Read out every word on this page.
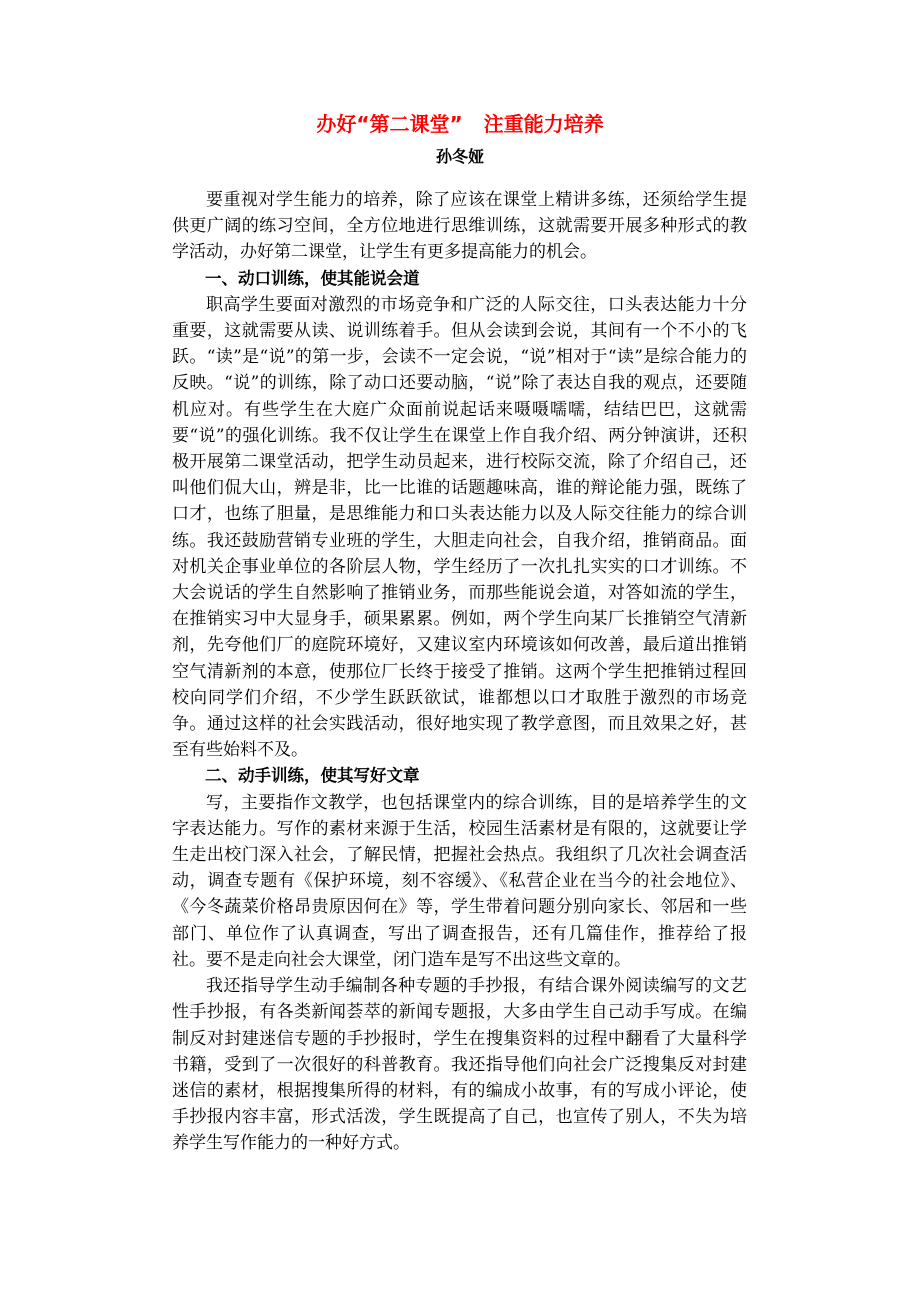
办好“第二课堂”   注重能力培养
孙冬娅

要重视对学生能力的培养，除了应该在课堂上精讲多练，还须给学生提供更广阔的练习空间，全方位地进行思维训练，这就需要开展多种形式的教学活动，办好第二课堂，让学生有更多提高能力的机会。

一、动口训练，使其能说会道

职高学生要面对激烈的市场竞争和广泛的人际交往，口头表达能力十分重要，这就需要从读、说训练着手。但从会读到会说，其间有一个不小的飞跃。“读”是“说”的第一步，会读不一定会说，“说”相对于“读”是综合能力的反映。“说”的训练，除了动口还要动脑，“说”除了表达自我的观点，还要随机应对。有些学生在大庭广众面前说起话来嗫嗫嚅嚅，结结巴巴，这就需要“说”的强化训练。我不仅让学生在课堂上作自我介绍、两分钟演讲，还积极开展第二课堂活动，把学生动员起来，进行校际交流，除了介绍自己，还叫他们侃大山，辨是非，比一比谁的话题趣味高，谁的辩论能力强，既练了口才，也练了胆量，是思维能力和口头表达能力以及人际交往能力的综合训练。我还鼓励营销专业班的学生，大胆走向社会，自我介绍，推销商品。面对机关企事业单位的各阶层人物，学生经历了一次扎扎实实的口才训练。不大会说话的学生自然影响了推销业务，而那些能说会道，对答如流的学生，在推销实习中大显身手，硕果累累。例如，两个学生向某厂长推销空气清新剂，先夸他们厂的庭院环境好，又建议室内环境该如何改善，最后道出推销空气清新剂的本意，使那位厂长终于接受了推销。这两个学生把推销过程回校向同学们介绍，不少学生跃跃欲试，谁都想以口才取胜于激烈的市场竞争。通过这样的社会实践活动，很好地实现了教学意图，而且效果之好，甚至有些始料不及。

二、动手训练，使其写好文章

写，主要指作文教学，也包括课堂内的综合训练，目的是培养学生的文字表达能力。写作的素材来源于生活，校园生活素材是有限的，这就要让学生走出校门深入社会，了解民情，把握社会热点。我组织了几次社会调查活动，调查专题有《保护环境，刻不容缓》、《私营企业在当今的社会地位》、《今冬蔬菜价格昂贵原因何在》等，学生带着问题分别向家长、邻居和一些部门、单位作了认真调查，写出了调查报告，还有几篇佳作，推荐给了报社。要不是走向社会大课堂，闭门造车是写不出这些文章的。

我还指导学生动手编制各种专题的手抄报，有结合课外阅读编写的文艺性手抄报，有各类新闻荟萃的新闻专题报，大多由学生自己动手写成。在编制反对封建迷信专题的手抄报时，学生在搜集资料的过程中翻看了大量科学书籍，受到了一次很好的科普教育。我还指导他们向社会广泛搜集反对封建迷信的素材，根据搜集所得的材料，有的编成小故事，有的写成小评论，使手抄报内容丰富，形式活泼，学生既提高了自己，也宣传了别人，不失为培养学生写作能力的一种好方式。
